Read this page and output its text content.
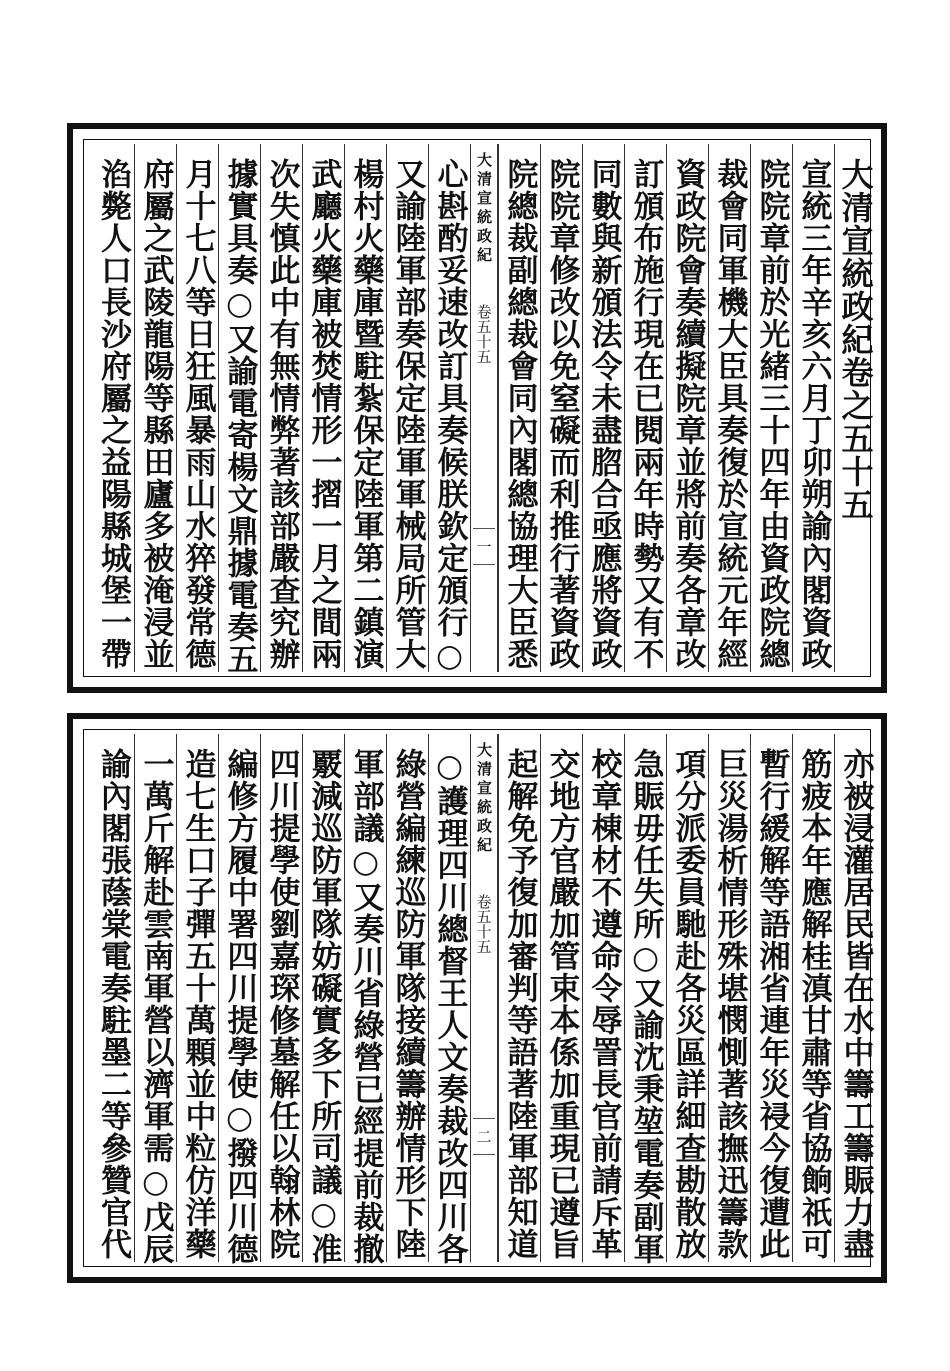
大清宣統政紀卷之五十五
宣統三年辛亥六月丁卯朔諭內閣資政
院院章前於光緒三十四年由資政院總
裁會同軍機大臣具奏復於宣統元年經
資政院會奏續擬院章並將前奏各章改
訂頒布施行現在已閱兩年時勢又有不
同數與新頒法令未盡脗合亟應將資政
院院章修改以免窒礙而利推行著資政
院總裁副總裁會同內閣總協理大臣悉
大清宣統政紀
卷五十五
一
心斟酌妥速改訂具奏候朕欽定頒行○
又諭陸軍部奏保定陸軍軍械局所管大
楊村火藥庫暨駐紮保定陸軍第二鎮演
武廳火藥庫被焚情形一摺一月之間兩
次失慎此中有無情弊著該部嚴查究辦
據實具奏○又諭電寄楊文鼎據電奏五
月十七八等日狂風暴雨山水猝發常德
府屬之武陵龍陽等縣田廬多被淹浸並
淊斃人口長沙府屬之益陽縣城堡一帶
亦被浸灌居民皆在水中籌工籌賑力盡
筋疲本年應解桂滇甘肅等省協餉祇可
暫行緩解等語湘省連年災祲今復遭此
巨災湯析情形殊堪憫惻著該撫迅籌款
項分派委員馳赴各災區詳細查勘散放
急賑毋任失所○又諭沈秉堃電奏副軍
校章棟材不遵命令辱詈長官前請斥革
交地方官嚴加管束本係加重現已遵旨
起解免予復加審判等語著陸軍部知道
大清宣統政紀
卷五十五
二
○護理四川總督王人文奏裁改四川各
綠營編練巡防軍隊接續籌辦情形下陸
軍部議○又奏川省綠營已經提前裁撤
覈減巡防軍隊妨礙實多下所司議○准
四川提學使劉嘉琛修墓解任以翰林院
編修方履中署四川提學使○撥四川德
造七生口子彈五十萬顆並中粒仿洋藥
一萬斤解赴雲南軍營以濟軍需○戊辰
諭內閣張蔭棠電奏駐墨二等參贊官代
